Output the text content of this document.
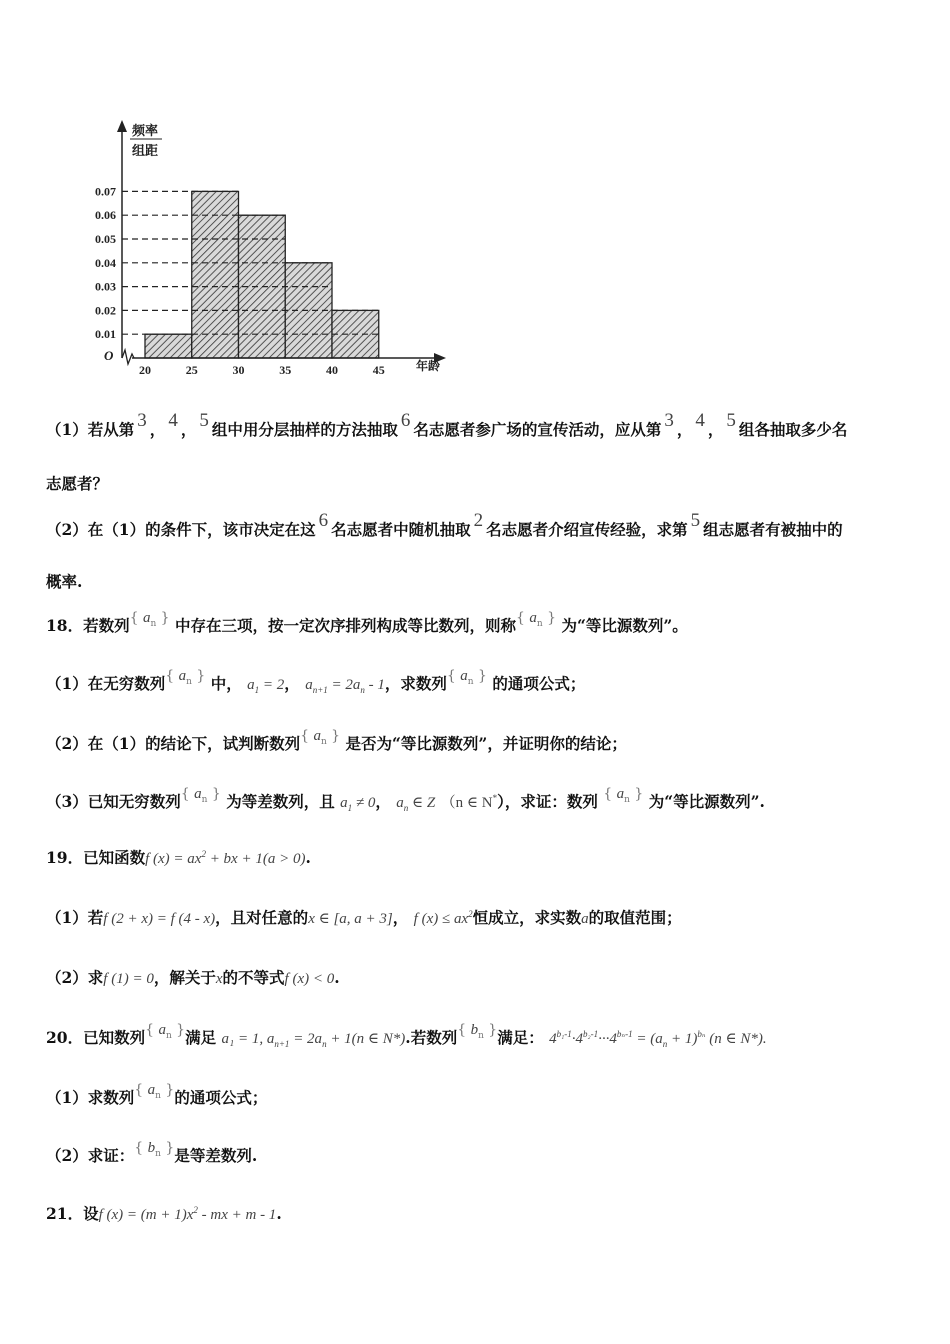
0.01
0.02
0.03
0.04
0.05
0.06
0.07
20	25	30	35	40	45
O
频率
组距
年龄
（1）若从第 3 ， 4 ， 5 组中用分层抽样的方法抽取 6 名志愿者参广场的宣传活动，应从第 3 ， 4 ， 5 组各抽取多少名
志愿者？
（2）在（1）的条件下，该市决定在这 6 名志愿者中随机抽取 2 名志愿者介绍宣传经验，求第 5 组志愿者有被抽中的
概率.
18．若数列{ $a_n$ } 中存在三项，按一定次序排列构成等比数列，则称{ $a_n$ } 为“等比源数列”。
（1）在无穷数列{ $a_n$ } 中， $a_1 = 2$， $a_{n+1} = 2a_n - 1$，求数列{ $a_n$ } 的通项公式；
（2）在（1）的结论下，试判断数列{ $a_n$ } 是否为“等比源数列”，并证明你的结论；
（3）已知无穷数列{ $a_n$ } 为等差数列，且 $a_1 \ne 0$， $a_n$ ∈ Z （n ∈ N*），求证：数列 { $a_n$ } 为“等比源数列”.
19．已知函数f $(x) = ax^2$ + bx + 1(a > 0).
（1）若f (2 + x) = f (4 - x)，且对任意的x ∈ [a, a + 3]， f $(x) \le ax^2$恒成立，求实数a的取值范围；
（2）求f (1) = 0，解关于x的不等式f (x) < 0.
20．已知数列{ $a_n$ }满足 a₁ = 1, $a_{n+1} = 2a_n + 1(n$ ∈ N*).若数列{ $b_n$ }满足： $4^{b_1-1}\cdot 4^{b_2-1}\cdot\cdot\cdot 4^{b_n-1} = (a_n + 1)^{b_n}$ (n ∈ N*).
（1）求数列{ $a_n$ }的通项公式；
（2）求证：{ $b_n$ }是等差数列.
21．设f $(x) = (m + 1)x^2$ - mx + m - 1.
